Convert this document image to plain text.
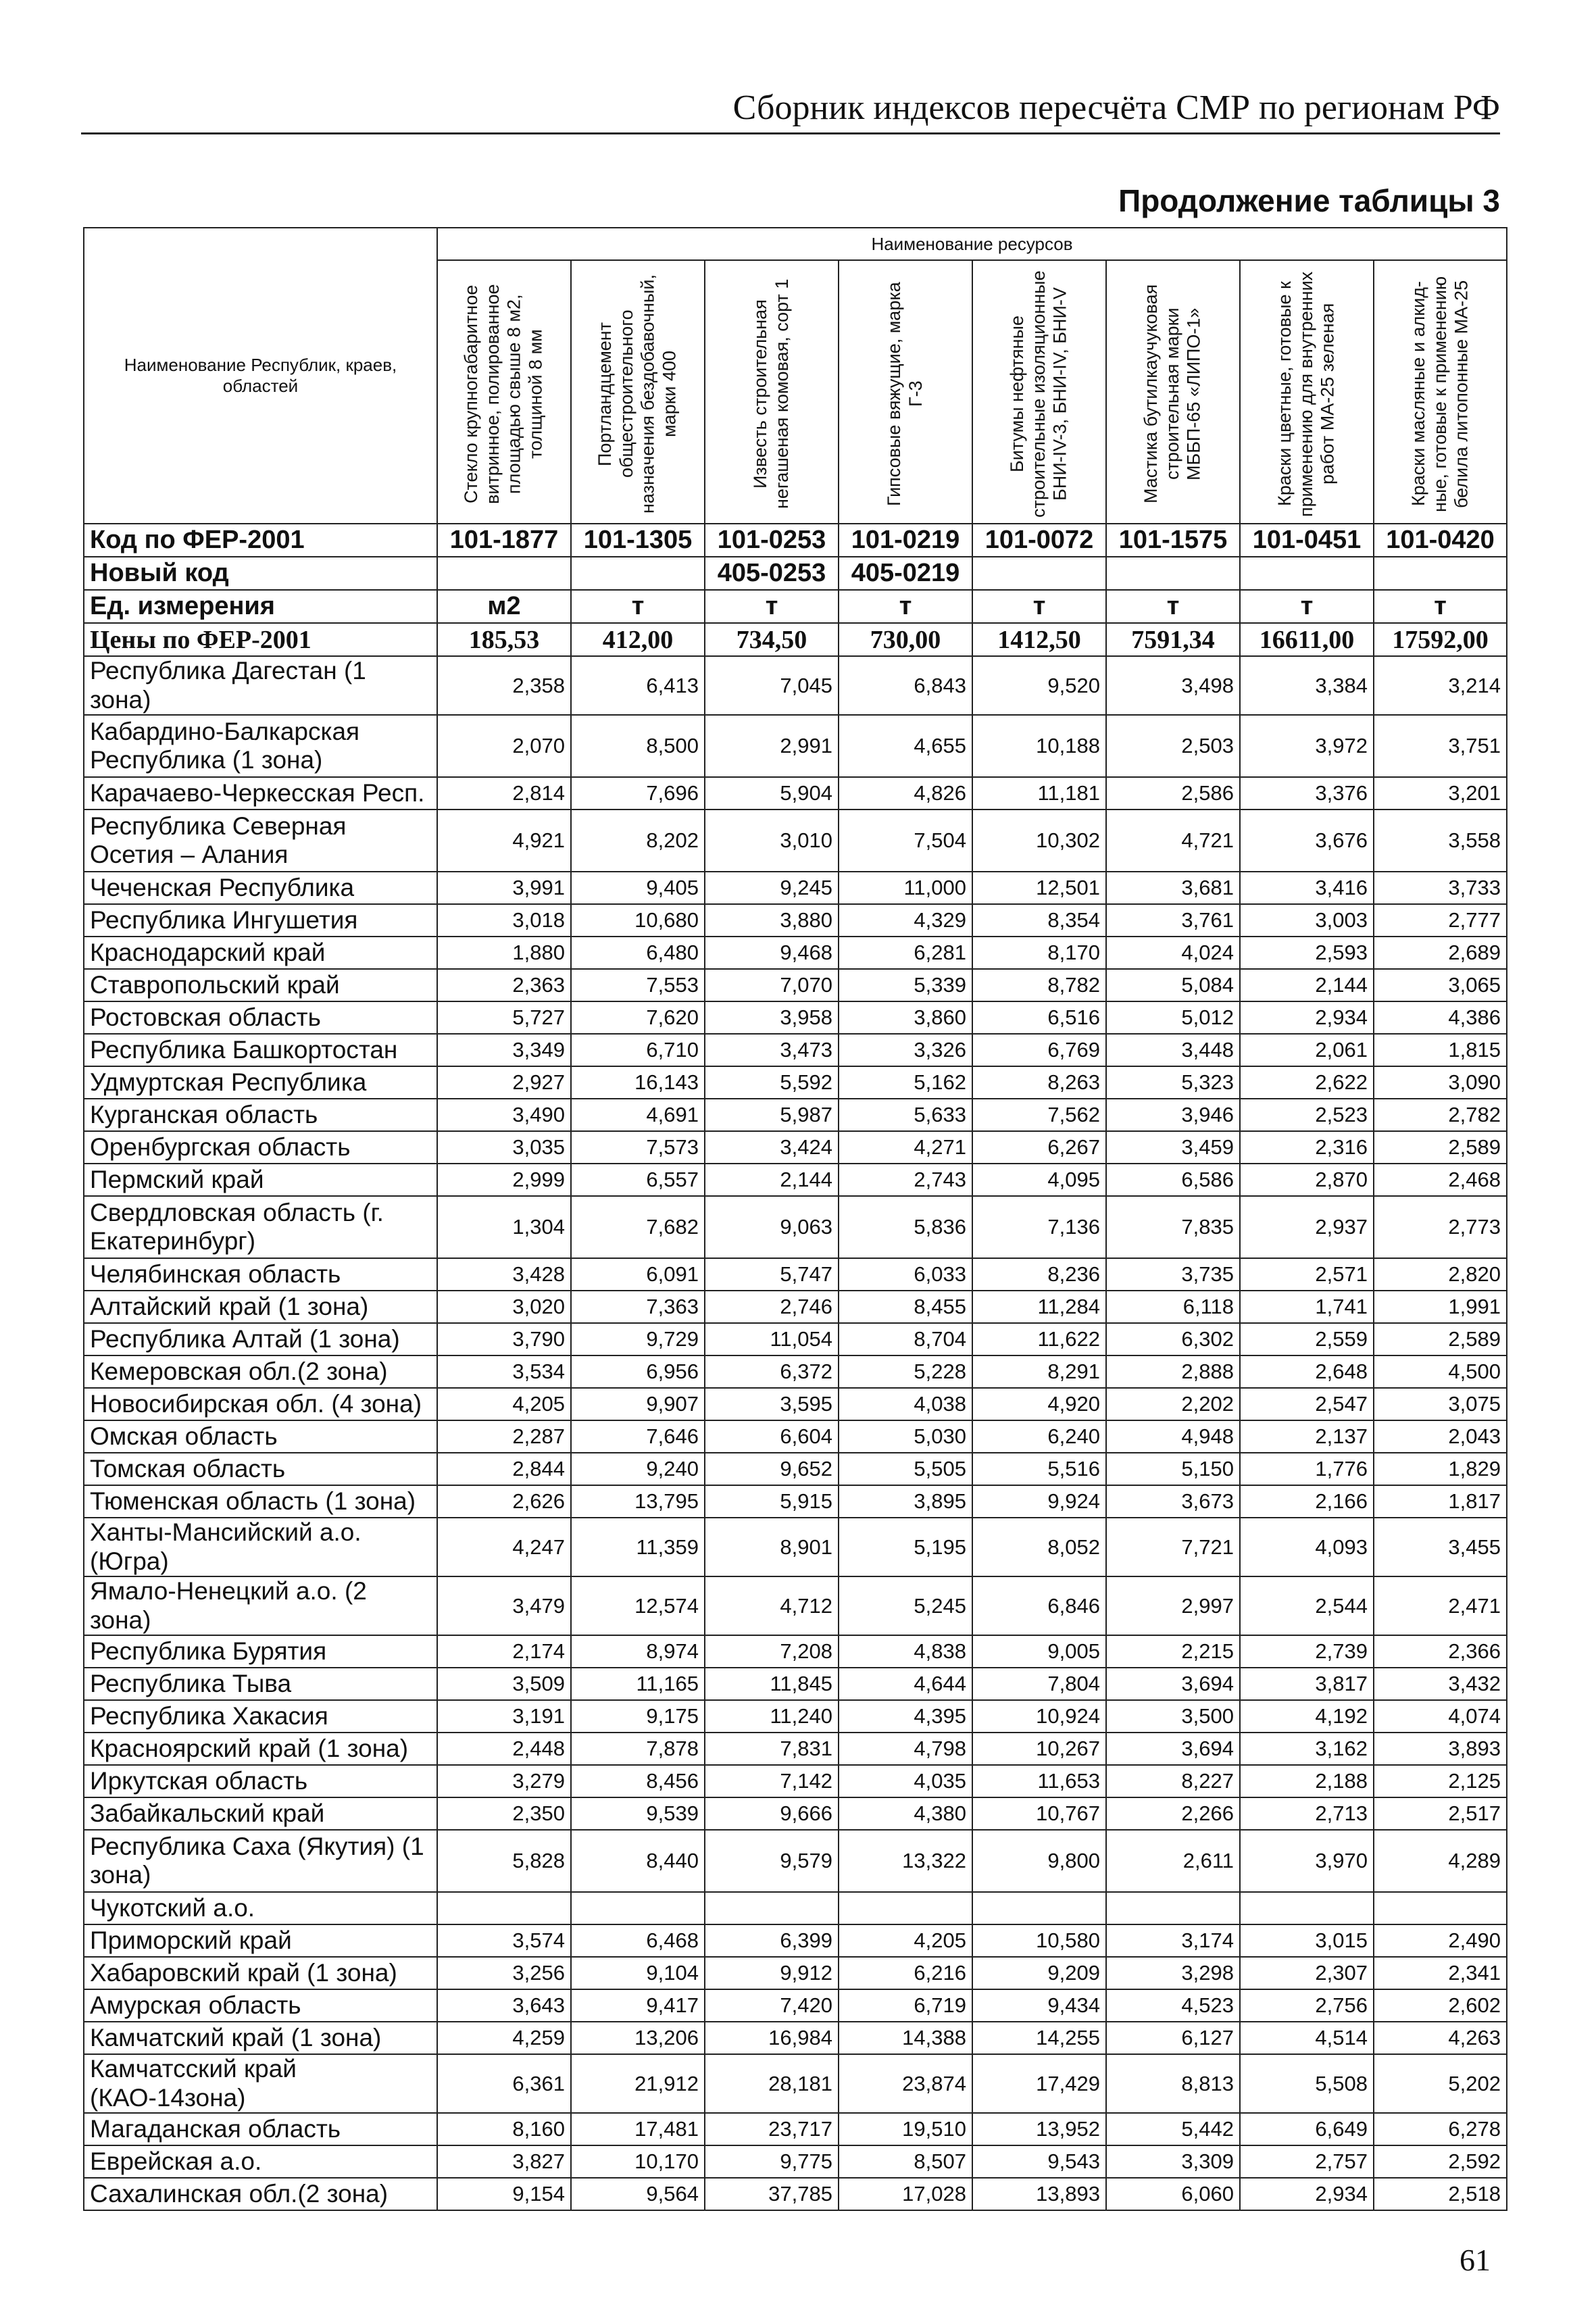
Сборник индексов пересчёта СМР по регионам РФ
Продолжение таблицы 3
Наименование Республик, краев, областей	Наименование ресурсов							

	Стекло крупногабаритное витринное, полированное площадью свыше 8 м2, толщиной 8 мм	Портландцемент общестроительного назначения бездобавочный, марки 400	Известь строительная негашеная комовая, сорт 1	Гипсовые вяжущие, марка Г-3	Битумы нефтяные строительные изоляционные БНИ-IV-3, БНИ-IV, БНИ-V	Мастика бутилкаучуковая строительная марки МББП-65 «ЛИПО-1»	Краски цветные, готовые к применению для внутренних работ МА-25 зеленая	Краски масляные и алкид-ные, готовые к применению белила литопонные МА-25

Код по ФЕР-2001	101-1877	101-1305	101-0253	101-0219	101-0072	101-1575	101-0451	101-0420
Новый код			405-0253	405-0219				
Ед. измерения	м2	т	т	т	т	т	т	т
Цены по ФЕР-2001	185,53	412,00	734,50	730,00	1412,50	7591,34	16611,00	17592,00
Республика Дагестан (1 зона)	2,358	6,413	7,045	6,843	9,520	3,498	3,384	3,214
Кабардино-Балкарская Республика (1 зона)	2,070	8,500	2,991	4,655	10,188	2,503	3,972	3,751
Карачаево-Черкесская Респ.	2,814	7,696	5,904	4,826	11,181	2,586	3,376	3,201
Республика Северная Осетия – Алания	4,921	8,202	3,010	7,504	10,302	4,721	3,676	3,558
Чеченская Республика	3,991	9,405	9,245	11,000	12,501	3,681	3,416	3,733
Республика Ингушетия	3,018	10,680	3,880	4,329	8,354	3,761	3,003	2,777
Краснодарский край	1,880	6,480	9,468	6,281	8,170	4,024	2,593	2,689
Ставропольский край	2,363	7,553	7,070	5,339	8,782	5,084	2,144	3,065
Ростовская область	5,727	7,620	3,958	3,860	6,516	5,012	2,934	4,386
Республика Башкортостан	3,349	6,710	3,473	3,326	6,769	3,448	2,061	1,815
Удмуртская Республика	2,927	16,143	5,592	5,162	8,263	5,323	2,622	3,090
Курганская область	3,490	4,691	5,987	5,633	7,562	3,946	2,523	2,782
Оренбургская область	3,035	7,573	3,424	4,271	6,267	3,459	2,316	2,589
Пермский край	2,999	6,557	2,144	2,743	4,095	6,586	2,870	2,468
Свердловская область (г. Екатеринбург)	1,304	7,682	9,063	5,836	7,136	7,835	2,937	2,773
Челябинская область	3,428	6,091	5,747	6,033	8,236	3,735	2,571	2,820
Алтайский край (1 зона)	3,020	7,363	2,746	8,455	11,284	6,118	1,741	1,991
Республика Алтай (1 зона)	3,790	9,729	11,054	8,704	11,622	6,302	2,559	2,589
Кемеровская обл.(2 зона)	3,534	6,956	6,372	5,228	8,291	2,888	2,648	4,500
Новосибирская обл. (4 зона)	4,205	9,907	3,595	4,038	4,920	2,202	2,547	3,075
Омская область	2,287	7,646	6,604	5,030	6,240	4,948	2,137	2,043
Томская область	2,844	9,240	9,652	5,505	5,516	5,150	1,776	1,829
Тюменская область (1 зона)	2,626	13,795	5,915	3,895	9,924	3,673	2,166	1,817
Ханты-Мансийский а.о.(Югра)	4,247	11,359	8,901	5,195	8,052	7,721	4,093	3,455
Ямало-Ненецкий а.о. (2 зона)	3,479	12,574	4,712	5,245	6,846	2,997	2,544	2,471
Республика Бурятия	2,174	8,974	7,208	4,838	9,005	2,215	2,739	2,366
Республика Тыва	3,509	11,165	11,845	4,644	7,804	3,694	3,817	3,432
Республика Хакасия	3,191	9,175	11,240	4,395	10,924	3,500	4,192	4,074
Красноярский край (1 зона)	2,448	7,878	7,831	4,798	10,267	3,694	3,162	3,893
Иркутская область	3,279	8,456	7,142	4,035	11,653	8,227	2,188	2,125
Забайкальский край	2,350	9,539	9,666	4,380	10,767	2,266	2,713	2,517
Республика Саха (Якутия) (1 зона)	5,828	8,440	9,579	13,322	9,800	2,611	3,970	4,289
Чукотский а.о.								
Приморский край	3,574	6,468	6,399	4,205	10,580	3,174	3,015	2,490
Хабаровский край (1 зона)	3,256	9,104	9,912	6,216	9,209	3,298	2,307	2,341
Амурская область	3,643	9,417	7,420	6,719	9,434	4,523	2,756	2,602
Камчатский край (1 зона)	4,259	13,206	16,984	14,388	14,255	6,127	4,514	4,263
Камчатсский край (КАО-14зона)	6,361	21,912	28,181	23,874	17,429	8,813	5,508	5,202
Магаданская область	8,160	17,481	23,717	19,510	13,952	5,442	6,649	6,278
Еврейская а.о.	3,827	10,170	9,775	8,507	9,543	3,309	2,757	2,592
Сахалинская обл.(2 зона)	9,154	9,564	37,785	17,028	13,893	6,060	2,934	2,518
61
